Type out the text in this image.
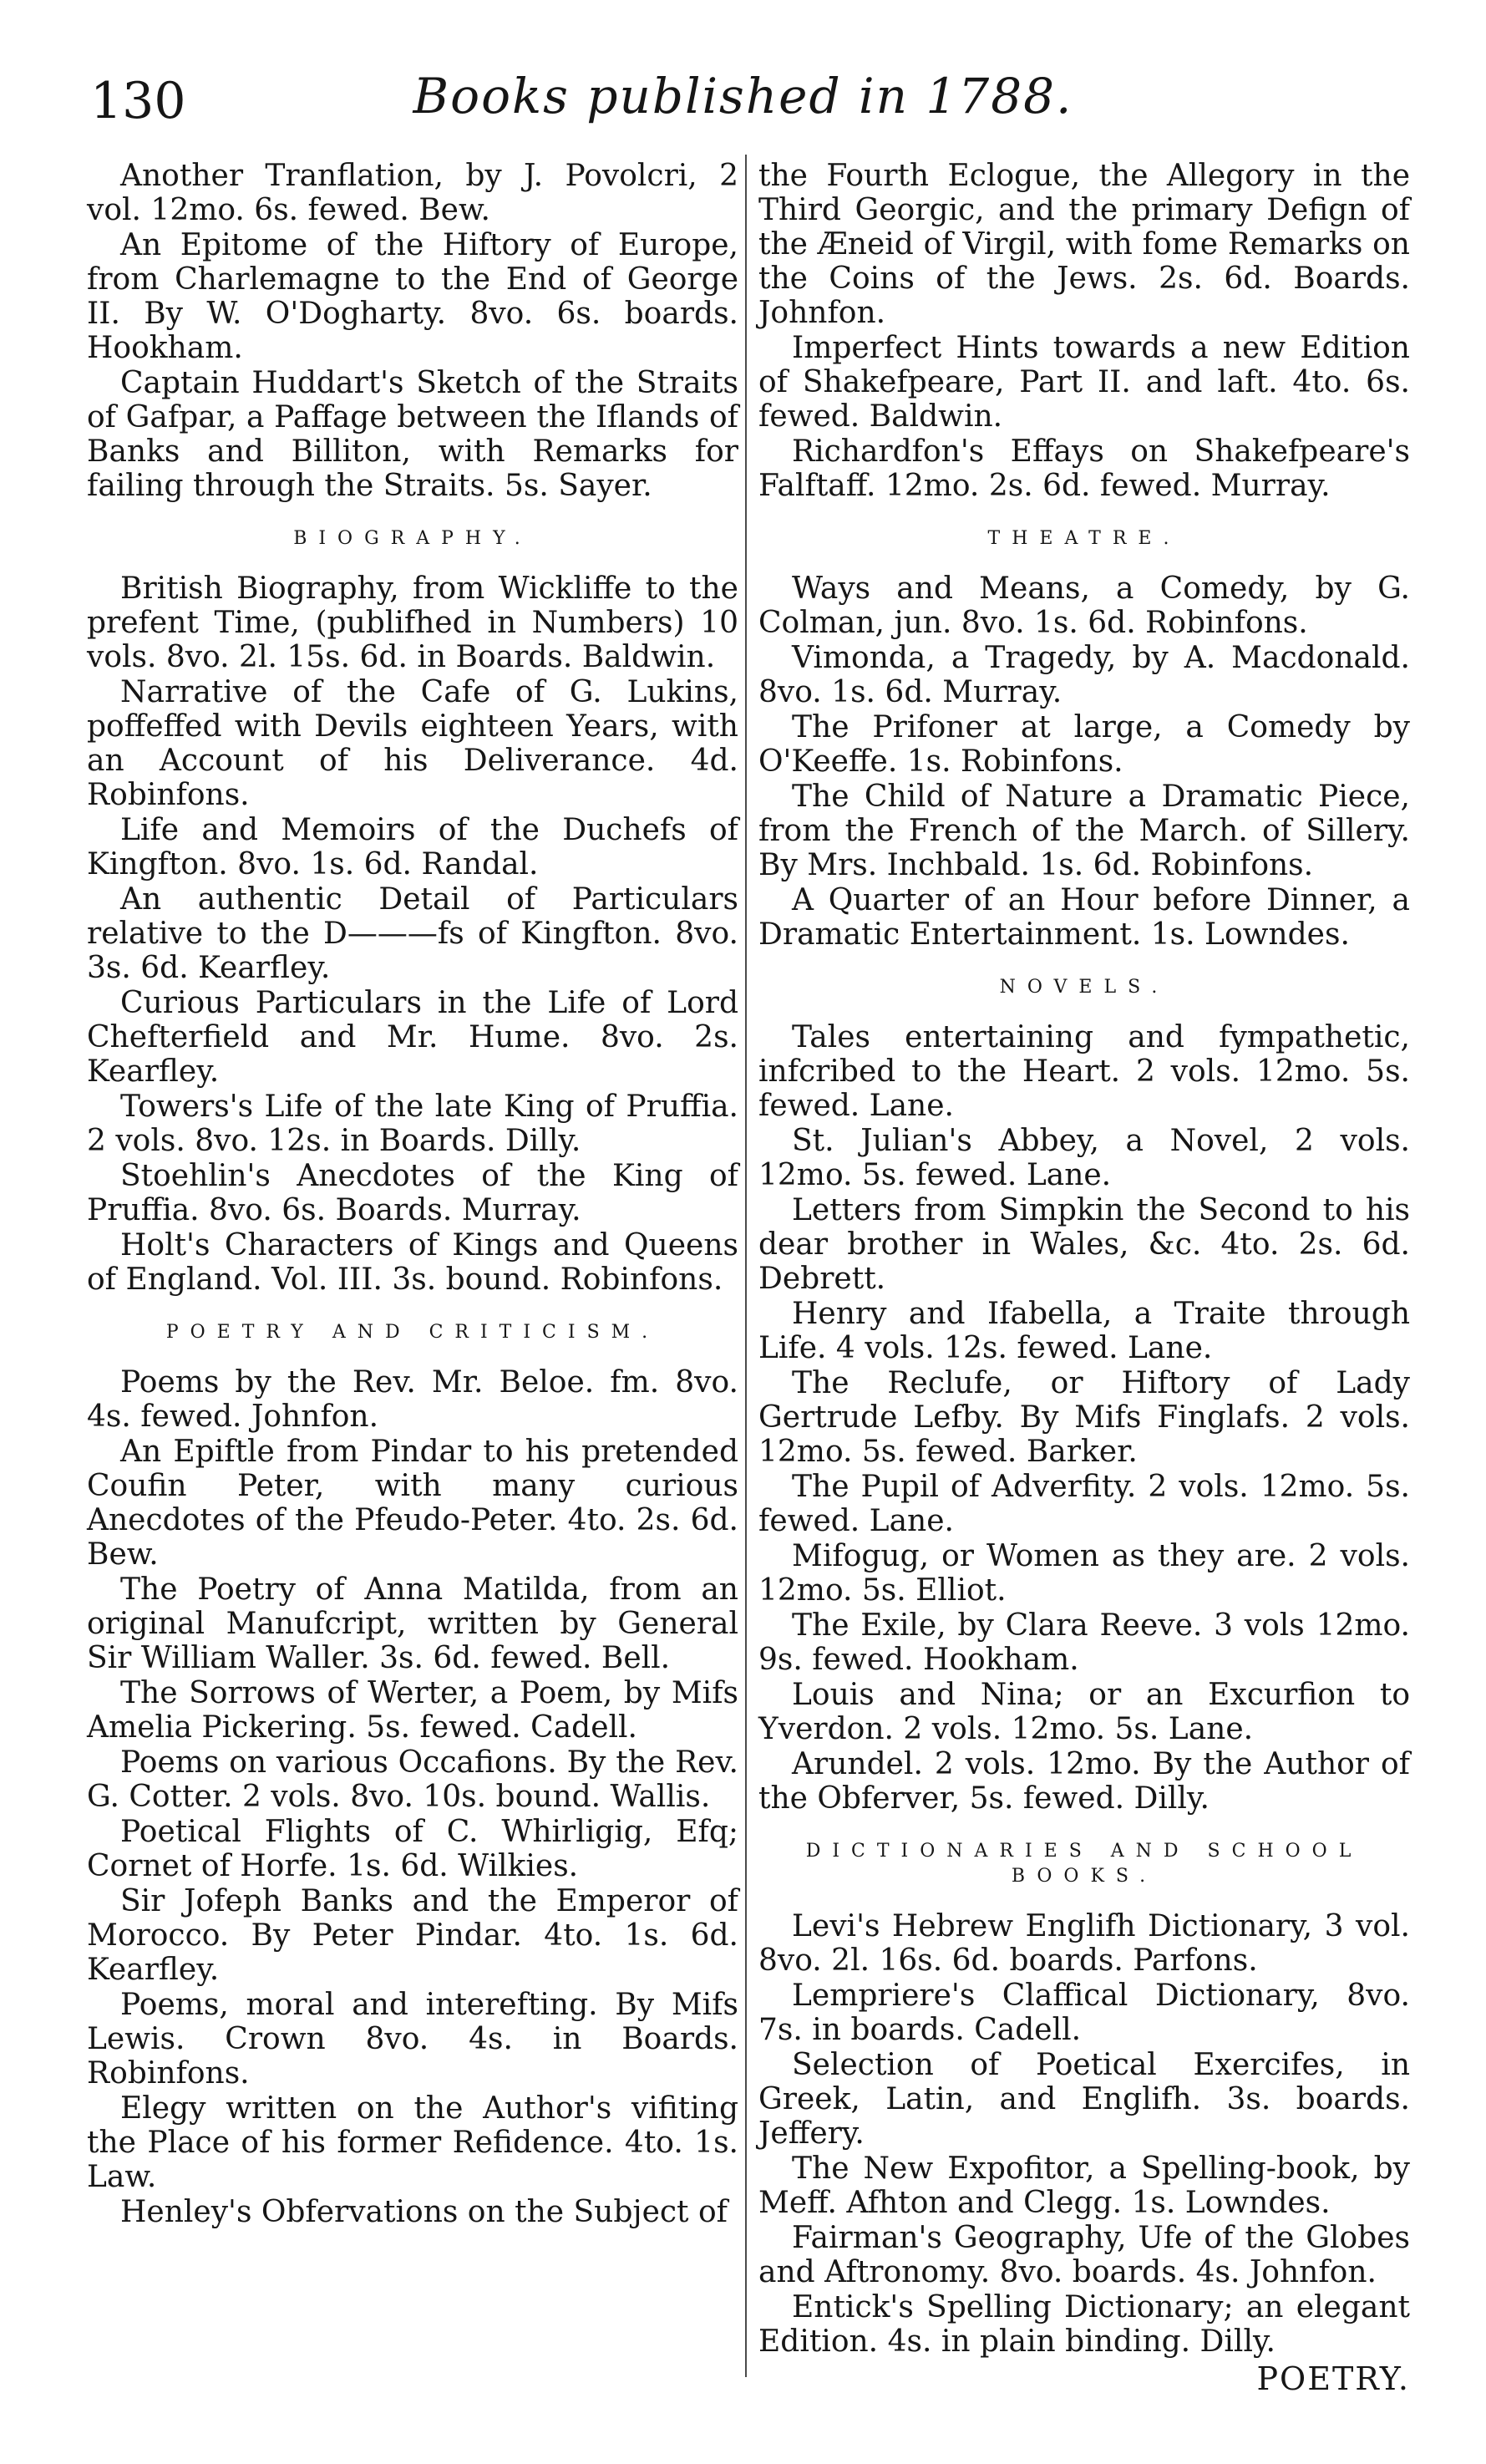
130	Books published in 1788.
Another Tranflation, by J. Povolcri, 2 vol. 12mo. 6s. fewed. Bew.
An Epitome of the Hiftory of Europe, from Charlemagne to the End of George II. By W. O'Dogharty. 8vo. 6s. boards. Hookham.
Captain Huddart's Sketch of the Straits of Gafpar, a Paffage between the Iflands of Banks and Billiton, with Remarks for failing through the Straits. 5s. Sayer.
BIOGRAPHY.
British Biography, from Wickliffe to the prefent Time, (publifhed in Numbers) 10 vols. 8vo. 2l. 15s. 6d. in Boards. Baldwin.
Narrative of the Cafe of G. Lukins, poffeffed with Devils eighteen Years, with an Account of his Deliverance. 4d. Robinfons.
Life and Memoirs of the Duchefs of Kingfton. 8vo. 1s. 6d. Randal.
An authentic Detail of Particulars relative to the D———fs of Kingfton. 8vo. 3s. 6d. Kearfley.
Curious Particulars in the Life of Lord Chefterfield and Mr. Hume. 8vo. 2s. Kearfley.
Towers's Life of the late King of Pruffia. 2 vols. 8vo. 12s. in Boards. Dilly.
Stoehlin's Anecdotes of the King of Pruffia. 8vo. 6s. Boards. Murray.
Holt's Characters of Kings and Queens of England. Vol. III. 3s. bound. Robinfons.
POETRY AND CRITICISM.
Poems by the Rev. Mr. Beloe. fm. 8vo. 4s. fewed. Johnfon.
An Epiftle from Pindar to his pretended Coufin Peter, with many curious Anecdotes of the Pfeudo-Peter. 4to. 2s. 6d. Bew.
The Poetry of Anna Matilda, from an original Manufcript, written by General Sir William Waller. 3s. 6d. fewed. Bell.
The Sorrows of Werter, a Poem, by Mifs Amelia Pickering. 5s. fewed. Cadell.
Poems on various Occafions. By the Rev. G. Cotter. 2 vols. 8vo. 10s. bound. Wallis.
Poetical Flights of C. Whirligig, Efq; Cornet of Horfe. 1s. 6d. Wilkies.
Sir Jofeph Banks and the Emperor of Morocco. By Peter Pindar. 4to. 1s. 6d. Kearfley.
Poems, moral and interefting. By Mifs Lewis. Crown 8vo. 4s. in Boards. Robinfons.
Elegy written on the Author's vifiting the Place of his former Refidence. 4to. 1s. Law.
Henley's Obfervations on the Subject of
the Fourth Eclogue, the Allegory in the Third Georgic, and the primary Defign of the Æneid of Virgil, with fome Remarks on the Coins of the Jews. 2s. 6d. Boards. Johnfon.
Imperfect Hints towards a new Edition of Shakefpeare, Part II. and laft. 4to. 6s. fewed. Baldwin.
Richardfon's Effays on Shakefpeare's Falftaff. 12mo. 2s. 6d. fewed. Murray.
THEATRE.
Ways and Means, a Comedy, by G. Colman, jun. 8vo. 1s. 6d. Robinfons.
Vimonda, a Tragedy, by A. Macdonald. 8vo. 1s. 6d. Murray.
The Prifoner at large, a Comedy by O'Keeffe. 1s. Robinfons.
The Child of Nature a Dramatic Piece, from the French of the March. of Sillery. By Mrs. Inchbald. 1s. 6d. Robinfons.
A Quarter of an Hour before Dinner, a Dramatic Entertainment. 1s. Lowndes.
NOVELS.
Tales entertaining and fympathetic, infcribed to the Heart. 2 vols. 12mo. 5s. fewed. Lane.
St. Julian's Abbey, a Novel, 2 vols. 12mo. 5s. fewed. Lane.
Letters from Simpkin the Second to his dear brother in Wales, &c. 4to. 2s. 6d. Debrett.
Henry and Ifabella, a Traite through Life. 4 vols. 12s. fewed. Lane.
The Reclufe, or Hiftory of Lady Gertrude Lefby. By Mifs Finglafs. 2 vols. 12mo. 5s. fewed. Barker.
The Pupil of Adverfity. 2 vols. 12mo. 5s. fewed. Lane.
Mifogug, or Women as they are. 2 vols. 12mo. 5s. Elliot.
The Exile, by Clara Reeve. 3 vols 12mo. 9s. fewed. Hookham.
Louis and Nina; or an Excurfion to Yverdon. 2 vols. 12mo. 5s. Lane.
Arundel. 2 vols. 12mo. By the Author of the Obferver, 5s. fewed. Dilly.
DICTIONARIES AND SCHOOL BOOKS.
Levi's Hebrew Englifh Dictionary, 3 vol. 8vo. 2l. 16s. 6d. boards. Parfons.
Lempriere's Claffical Dictionary, 8vo. 7s. in boards. Cadell.
Selection of Poetical Exercifes, in Greek, Latin, and Englifh. 3s. boards. Jeffery.
The New Expofitor, a Spelling-book, by Meff. Afhton and Clegg. 1s. Lowndes.
Fairman's Geography, Ufe of the Globes and Aftronomy. 8vo. boards. 4s. Johnfon.
Entick's Spelling Dictionary; an elegant Edition. 4s. in plain binding. Dilly.
POETRY.
